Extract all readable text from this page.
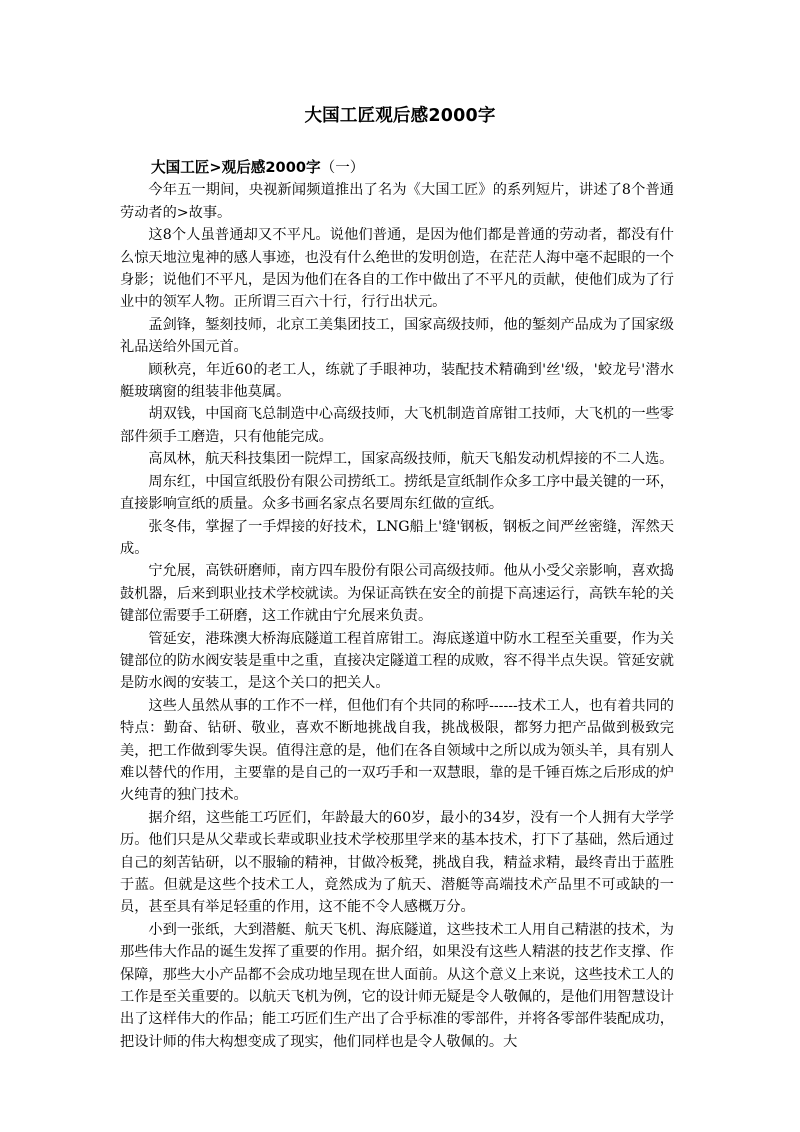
大国工匠观后感2000字

大国工匠>观后感2000字（一）

今年五一期间，央视新闻频道推出了名为《大国工匠》的系列短片，讲述了8个普通劳动者的>故事。

这8个人虽普通却又不平凡。说他们普通，是因为他们都是普通的劳动者，都没有什么惊天地泣鬼神的感人事迹，也没有什么绝世的发明创造，在茫茫人海中毫不起眼的一个身影；说他们不平凡，是因为他们在各自的工作中做出了不平凡的贡献，使他们成为了行业中的领军人物。正所谓三百六十行，行行出状元。

孟剑锋，錾刻技师，北京工美集团技工，国家高级技师，他的錾刻产品成为了国家级礼品送给外国元首。

顾秋亮，年近60的老工人，练就了手眼神功，装配技术精确到'丝'级，'蛟龙号'潜水艇玻璃窗的组装非他莫属。

胡双钱，中国商飞总制造中心高级技师，大飞机制造首席钳工技师，大飞机的一些零部件须手工磨造，只有他能完成。

高凤林，航天科技集团一院焊工，国家高级技师，航天飞船发动机焊接的不二人选。

周东红，中国宣纸股份有限公司捞纸工。捞纸是宣纸制作众多工序中最关键的一环，直接影响宣纸的质量。众多书画名家点名要周东红做的宣纸。

张冬伟，掌握了一手焊接的好技术，LNG船上'缝'钢板，钢板之间严丝密缝，浑然天成。

宁允展，高铁研磨师，南方四车股份有限公司高级技师。他从小受父亲影响，喜欢捣鼓机器，后来到职业技术学校就读。为保证高铁在安全的前提下高速运行，高铁车轮的关键部位需要手工研磨，这工作就由宁允展来负责。

管延安，港珠澳大桥海底隧道工程首席钳工。海底遂道中防水工程至关重要，作为关键部位的防水阀安装是重中之重，直接决定隧道工程的成败，容不得半点失误。管延安就是防水阀的安装工，是这个关口的把关人。

这些人虽然从事的工作不一样，但他们有个共同的称呼------技术工人，也有着共同的特点：勤奋、钻研、敬业，喜欢不断地挑战自我，挑战极限，都努力把产品做到极致完美，把工作做到零失误。值得注意的是，他们在各自领域中之所以成为领头羊，具有别人难以替代的作用，主要靠的是自己的一双巧手和一双慧眼，靠的是千锤百炼之后形成的炉火纯青的独门技术。

据介绍，这些能工巧匠们，年龄最大的60岁，最小的34岁，没有一个人拥有大学学历。他们只是从父辈或长辈或职业技术学校那里学来的基本技术，打下了基础，然后通过自己的刻苦钻研，以不服输的精神，甘做冷板凳，挑战自我，精益求精，最终青出于蓝胜于蓝。但就是这些个技术工人，竟然成为了航天、潜艇等高端技术产品里不可或缺的一员，甚至具有举足轻重的作用，这不能不令人感概万分。

小到一张纸，大到潜艇、航天飞机、海底隧道，这些技术工人用自己精湛的技术，为那些伟大作品的诞生发挥了重要的作用。据介绍，如果没有这些人精湛的技艺作支撑、作保障，那些大小产品都不会成功地呈现在世人面前。从这个意义上来说，这些技术工人的工作是至关重要的。以航天飞机为例，它的设计师无疑是令人敬佩的，是他们用智慧设计出了这样伟大的作品；能工巧匠们生产出了合乎标准的零部件，并将各零部件装配成功，把设计师的伟大构想变成了现实，他们同样也是令人敬佩的。大
